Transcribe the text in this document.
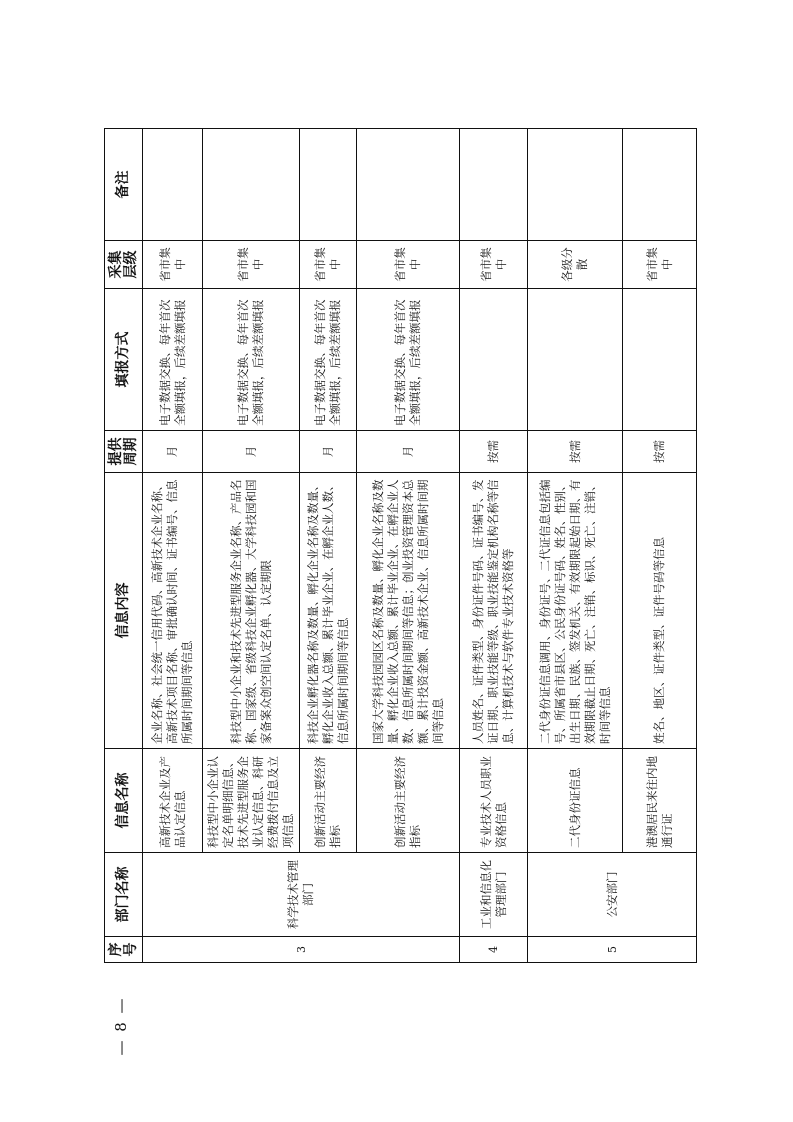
— 8 —
序号	部门名称	信息名称	信息内容	提供周期	填报方式	采集层级	备注
3	科学技术管理部门	高新技术企业及产品认定信息	企业名称、社会统一信用代码、高新技术企业名称、高新技术项目名称、审批确认时间、证书编号、信息所属时间期间等信息	月	电子数据交换、每年首次全额填报，后续差额填报	省市集中	
		科技型中小企业认定名单明细信息、技术先进型服务企业认定信息、科研经费拨付信息及立项信息	科技型中小企业和技术先进型服务企业名称、产品名称、国家级、省级科技企业孵化器、大学科技园和国家备案众创空间认定名单、认定期限	月	电子数据交换、每年首次全额填报，后续差额填报	省市集中	
		创新活动主要经济指标	科技企业孵化器名称及数量、孵化企业名称及数量、孵化企业收入总额、累计毕业企业、在孵企业人数、信息所属时间期间等信息	月	电子数据交换、每年首次全额填报，后续差额填报	省市集中	
		创新活动主要经济指标	国家大学科技园园区名称及数量、孵化企业名称及数量、孵化企业收入总额、累计毕业企业、在孵企业人数、信息所属时间期间等信息；创业投资管理资本总额、累计投资金额、高新技术企业、信息所属时间期间等信息	月	电子数据交换、每年首次全额填报，后续差额填报	省市集中	
4	工业和信息化管理部门	专业技术人员职业资格信息	人员姓名、证件类型、身份证件号码、证书编号、发证日期、职业技能等级、职业技能鉴定机构名称等信息、计算机技术与软件专业技术资格等	按需		省市集中	
5	公安部门	二代身份证信息	二代身份证信息调用、身份证号、二代证信息包括编号、所属省市县区、公民身份证号码、姓名、性别、出生日期、民族、签发机关、有效期限起始日期、有效期限截止日期、死亡、注销、标识、死亡、注销、时间等信息	按需		各级分散	
		港澳居民来往内地通行证	姓名、地区、证件类型、证件号码等信息	按需		省市集中	
